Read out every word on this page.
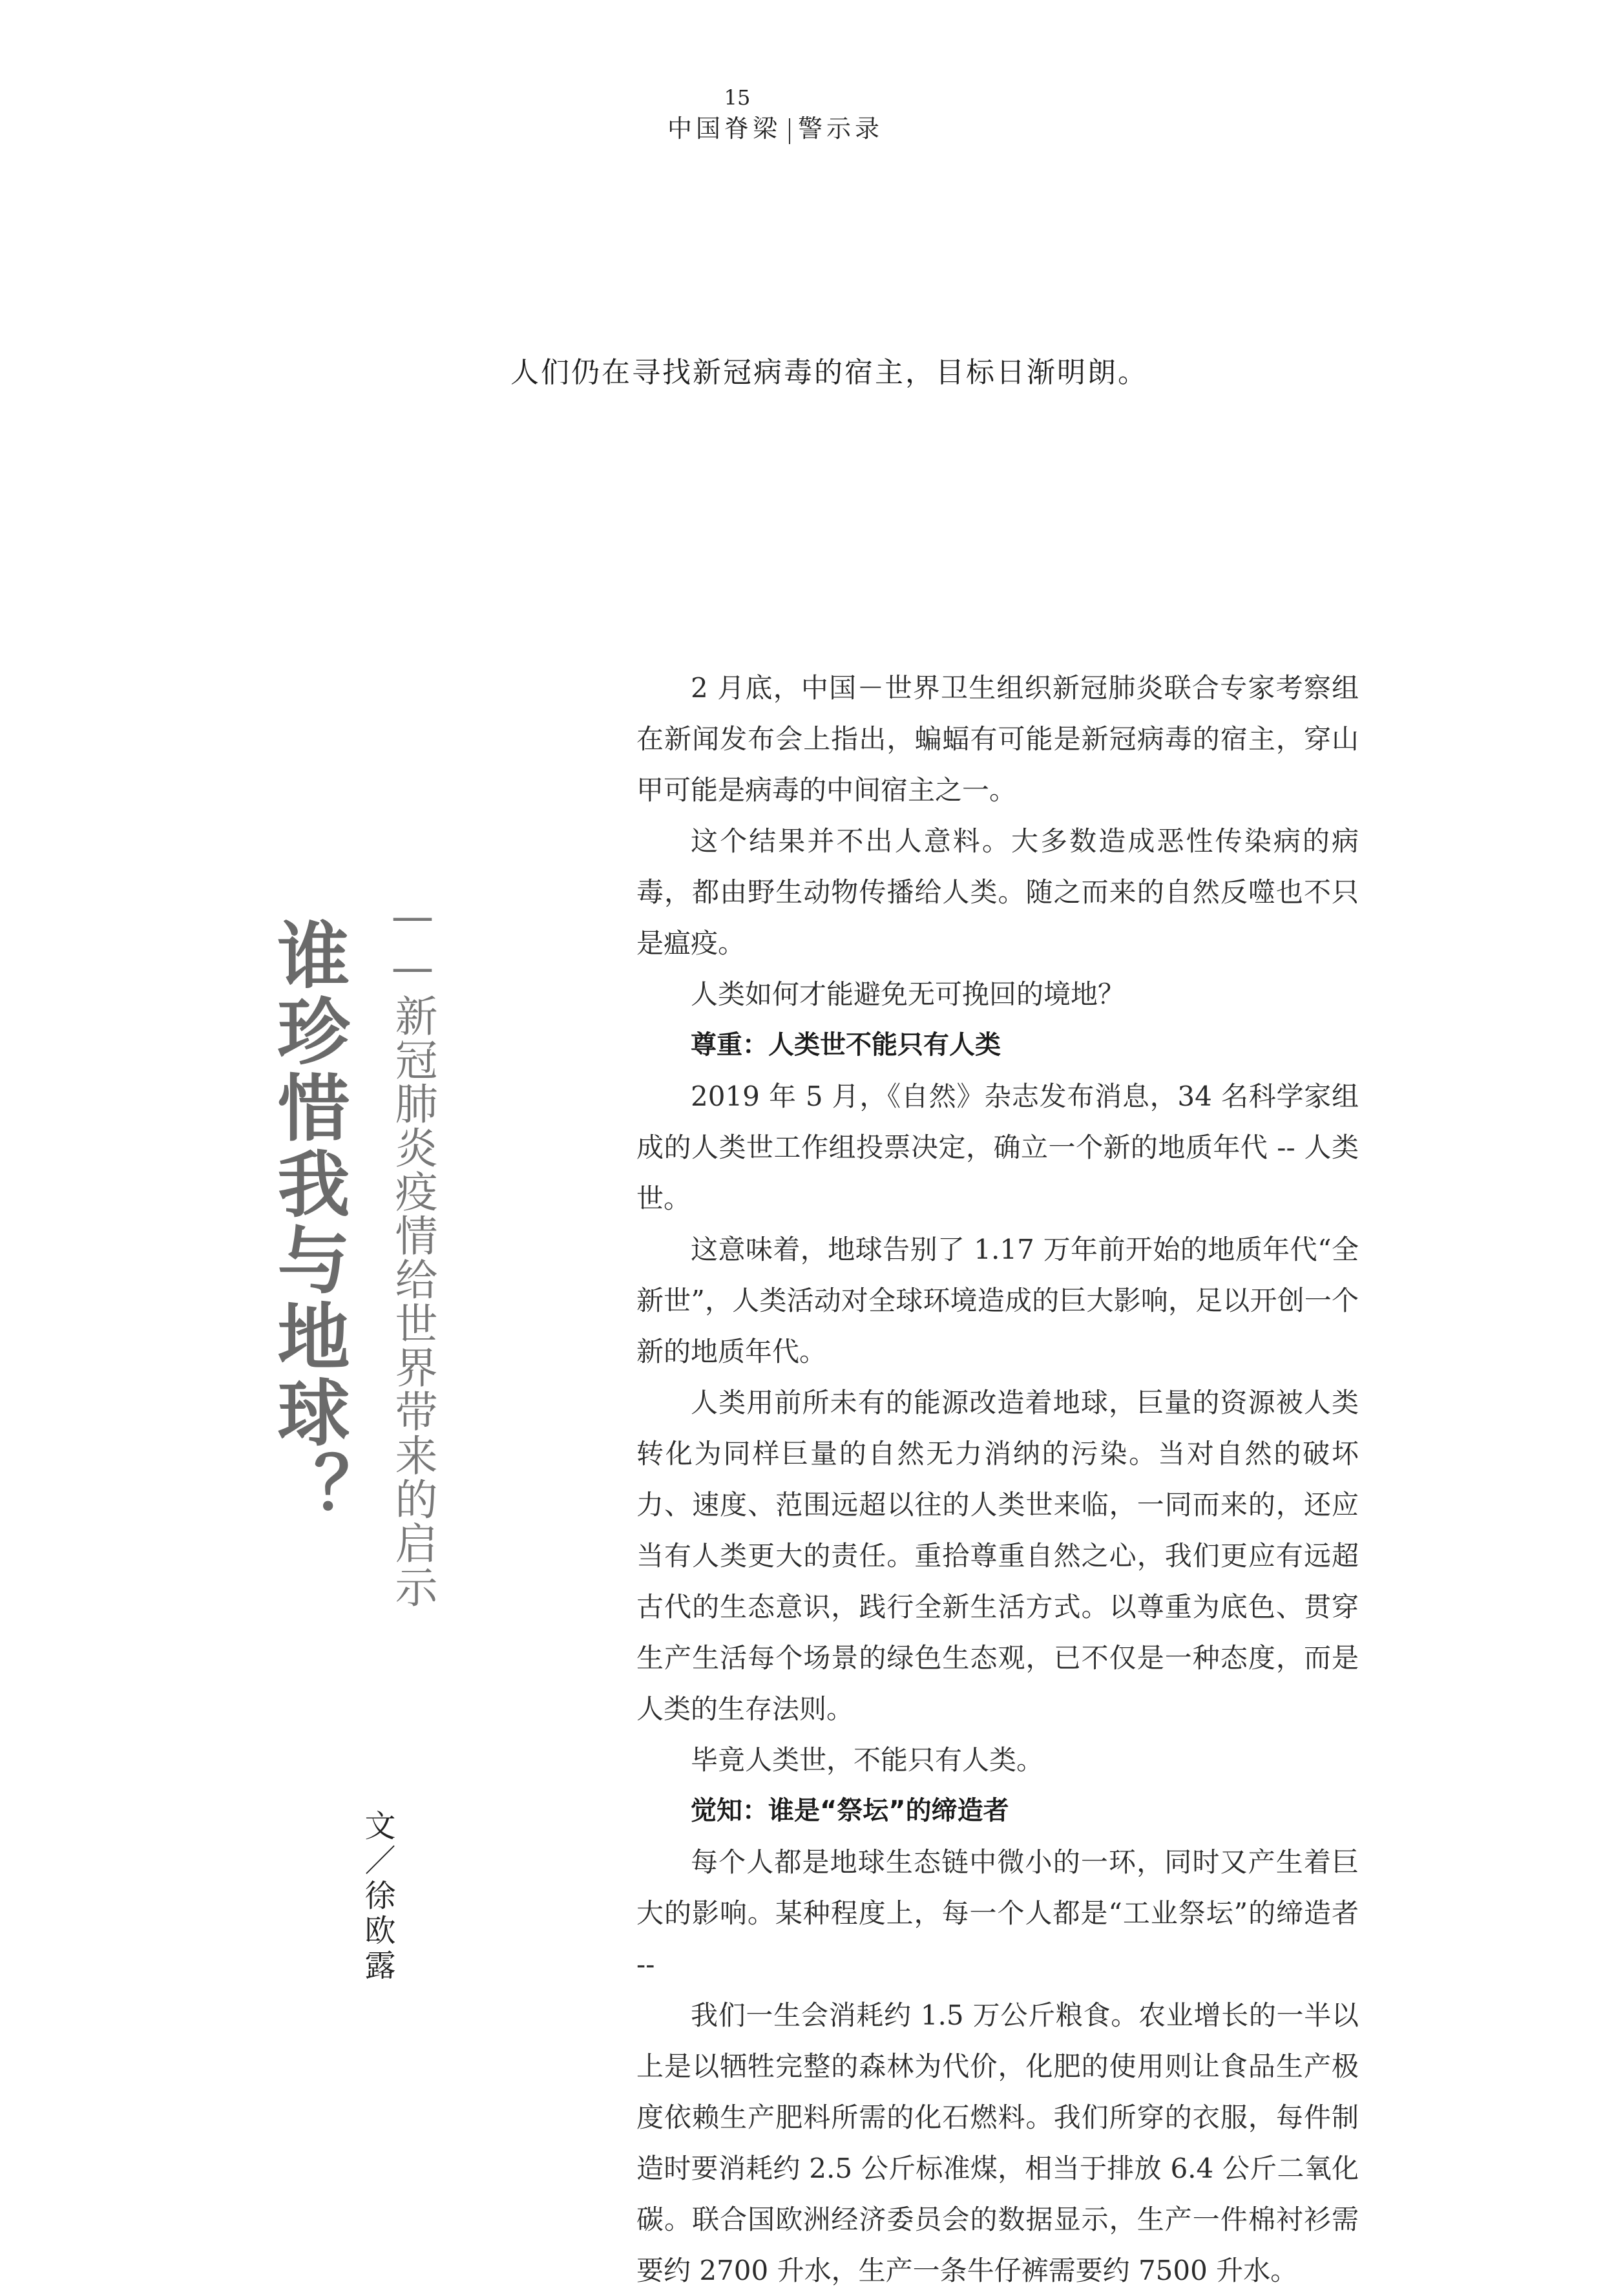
15
中国脊梁 警示录
人们仍在寻找新冠病毒的宿主，目标日渐明朗。
谁珍惜我与地球？ ——新冠肺炎疫情给世界带来的启示
文／徐欧露

2 月底，中国－世界卫生组织新冠肺炎联合专家考察组在新闻发布会上指出，蝙蝠有可能是新冠病毒的宿主，穿山甲可能是病毒的中间宿主之一。

这个结果并不出人意料。大多数造成恶性传染病的病毒，都由野生动物传播给人类。随之而来的自然反噬也不只是瘟疫。

人类如何才能避免无可挽回的境地？

尊重：人类世不能只有人类

2019 年 5 月，《自然》杂志发布消息，34 名科学家组成的人类世工作组投票决定，确立一个新的地质年代 -- 人类世。

这意味着，地球告别了 1.17 万年前开始的地质年代“全新世”，人类活动对全球环境造成的巨大影响，足以开创一个新的地质年代。

人类用前所未有的能源改造着地球，巨量的资源被人类转化为同样巨量的自然无力消纳的污染。当对自然的破坏力、速度、范围远超以往的人类世来临，一同而来的，还应当有人类更大的责任。重拾尊重自然之心，我们更应有远超古代的生态意识，践行全新生活方式。以尊重为底色、贯穿生产生活每个场景的绿色生态观，已不仅是一种态度，而是人类的生存法则。

毕竟人类世，不能只有人类。

觉知：谁是“祭坛”的缔造者

每个人都是地球生态链中微小的一环，同时又产生着巨大的影响。某种程度上，每一个人都是“工业祭坛”的缔造者 --

我们一生会消耗约 1.5 万公斤粮食。农业增长的一半以上是以牺牲完整的森林为代价，化肥的使用则让食品生产极度依赖生产肥料所需的化石燃料。我们所穿的衣服，每件制造时要消耗约 2.5 公斤标准煤，相当于排放 6.4 公斤二氧化碳。联合国欧洲经济委员会的数据显示，生产一件棉衬衫需要约 2700 升水，生产一条牛仔裤需要约 7500 升水。
